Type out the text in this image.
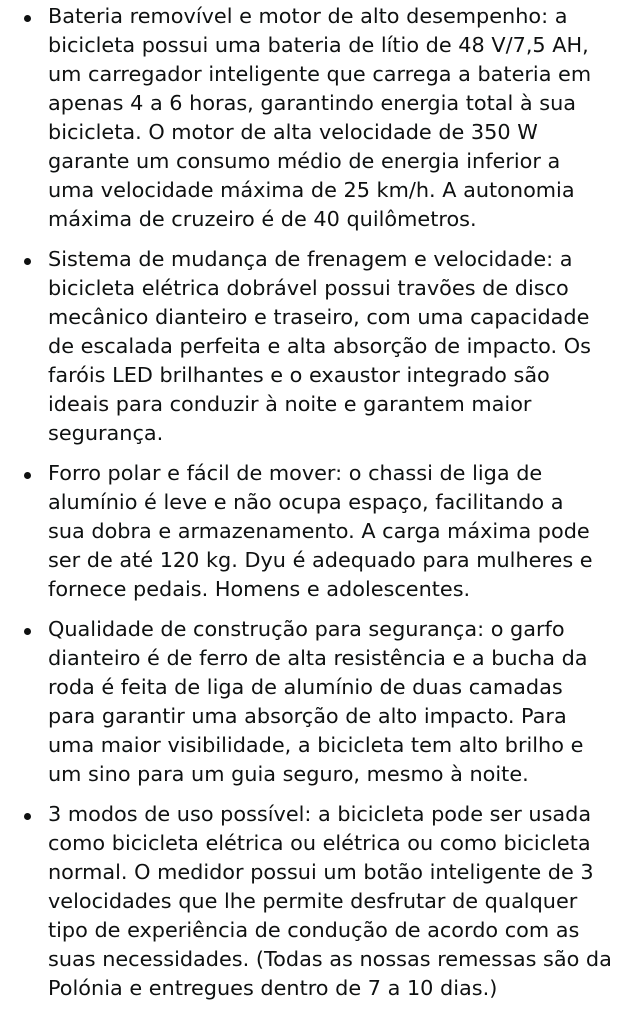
Bateria removível e motor de alto desempenho: a
bicicleta possui uma bateria de lítio de 48 V/7,5 AH,
um carregador inteligente que carrega a bateria em
apenas 4 a 6 horas, garantindo energia total à sua
bicicleta. O motor de alta velocidade de 350 W
garante um consumo médio de energia inferior a
uma velocidade máxima de 25 km/h. A autonomia
máxima de cruzeiro é de 40 quilômetros.
Sistema de mudança de frenagem e velocidade: a
bicicleta elétrica dobrável possui travões de disco
mecânico dianteiro e traseiro, com uma capacidade
de escalada perfeita e alta absorção de impacto. Os
faróis LED brilhantes e o exaustor integrado são
ideais para conduzir à noite e garantem maior
segurança.
Forro polar e fácil de mover: o chassi de liga de
alumínio é leve e não ocupa espaço, facilitando a
sua dobra e armazenamento. A carga máxima pode
ser de até 120 kg. Dyu é adequado para mulheres e
fornece pedais. Homens e adolescentes.
Qualidade de construção para segurança: o garfo
dianteiro é de ferro de alta resistência e a bucha da
roda é feita de liga de alumínio de duas camadas
para garantir uma absorção de alto impacto. Para
uma maior visibilidade, a bicicleta tem alto brilho e
um sino para um guia seguro, mesmo à noite.
3 modos de uso possível: a bicicleta pode ser usada
como bicicleta elétrica ou elétrica ou como bicicleta
normal. O medidor possui um botão inteligente de 3
velocidades que lhe permite desfrutar de qualquer
tipo de experiência de condução de acordo com as
suas necessidades. (Todas as nossas remessas são da
Polónia e entregues dentro de 7 a 10 dias.)
